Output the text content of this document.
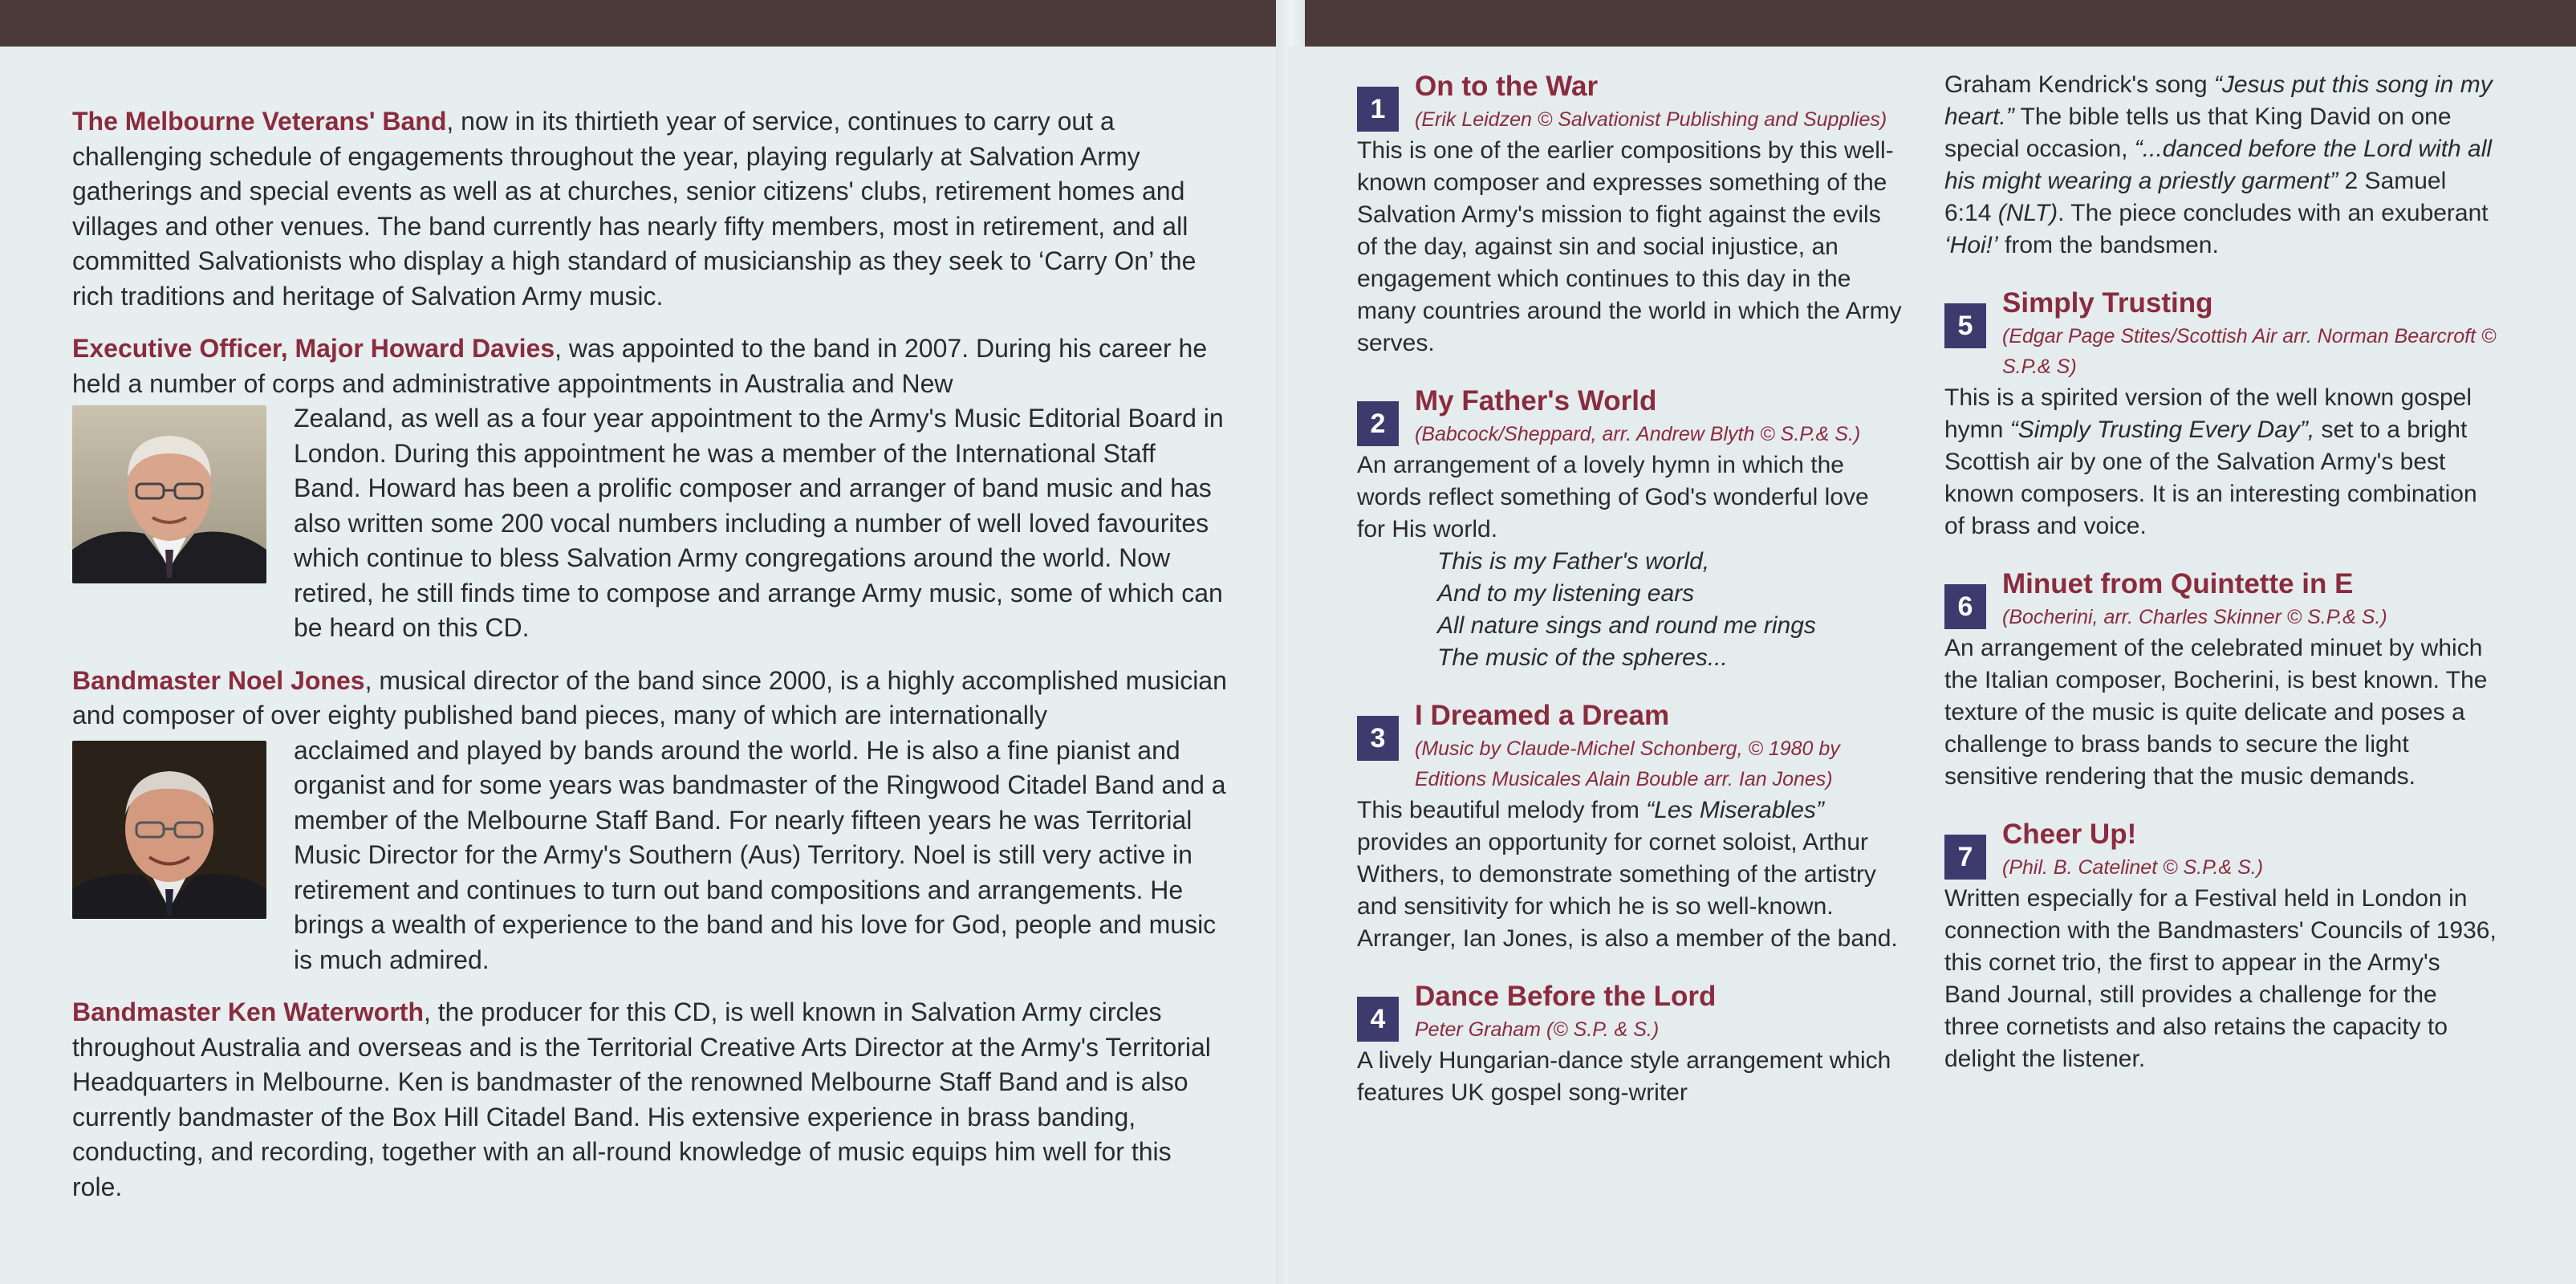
The Melbourne Veterans' Band, now in its thirtieth year of service, continues to carry out a challenging schedule of engagements throughout the year, playing regularly at Salvation Army gatherings and special events as well as at churches, senior citizens' clubs, retirement homes and villages and other venues. The band currently has nearly fifty members, most in retirement, and all committed Salvationists who display a high standard of musicianship as they seek to ‘Carry On’ the rich traditions and heritage of Salvation Army music.

Executive Officer, Major Howard Davies, was appointed to the band in 2007. During his career he held a number of corps and administrative appointments in Australia and New

Zealand, as well as a four year appointment to the Army's Music Editorial Board in London. During this appointment he was a member of the International Staff Band. Howard has been a prolific composer and arranger of band music and has also written some 200 vocal numbers including a number of well loved favourites which continue to bless Salvation Army congregations around the world. Now retired, he still finds time to compose and arrange Army music, some of which can be heard on this CD.

Bandmaster Noel Jones, musical director of the band since 2000, is a highly accomplished musician and composer of over eighty published band pieces, many of which are internationally

acclaimed and played by bands around the world. He is also a fine pianist and organist and for some years was bandmaster of the Ringwood Citadel Band and a member of the Melbourne Staff Band. For nearly fifteen years he was Territorial Music Director for the Army's Southern (Aus) Territory. Noel is still very active in retirement and continues to turn out band compositions and arrangements. He brings a wealth of experience to the band and his love for God, people and music is much admired.

Bandmaster Ken Waterworth, the producer for this CD, is well known in Salvation Army circles throughout Australia and overseas and is the Territorial Creative Arts Director at the Army's Territorial Headquarters in Melbourne. Ken is bandmaster of the renowned Melbourne Staff Band and is also currently bandmaster of the Box Hill Citadel Band. His extensive experience in brass banding, conducting, and recording, together with an all-round knowledge of music equips him well for this role.

1
On to the War
(Erik Leidzen © Salvationist Publishing and Supplies)
This is one of the earlier compositions by this well-known composer and expresses something of the Salvation Army's mission to fight against the evils of the day, against sin and social injustice, an engagement which continues to this day in the many countries around the world in which the Army serves.
2
My Father's World
(Babcock/Sheppard, arr. Andrew Blyth © S.P.& S.)
An arrangement of a lovely hymn in which the words reflect something of God's wonderful love for His world.
This is my Father's world,
And to my listening ears
All nature sings and round me rings
The music of the spheres...
3
I Dreamed a Dream
(Music by Claude-Michel Schonberg, © 1980 by Editions Musicales Alain Bouble arr. Ian Jones)
This beautiful melody from “Les Miserables” provides an opportunity for cornet soloist, Arthur Withers, to demonstrate something of the artistry and sensitivity for which he is so well-known. Arranger, Ian Jones, is also a member of the band.
4
Dance Before the Lord
Peter Graham (© S.P. & S.)
A lively Hungarian-dance style arrangement which features UK gospel song-writer
Graham Kendrick's song “Jesus put this song in my heart.” The bible tells us that King David on one special occasion, “...danced before the Lord with all his might wearing a priestly garment” 2 Samuel 6:14 (NLT). The piece concludes with an exuberant ‘Hoi!’ from the bandsmen.
5
Simply Trusting
(Edgar Page Stites/Scottish Air arr. Norman Bearcroft © S.P.& S)
This is a spirited version of the well known gospel hymn “Simply Trusting Every Day”, set to a bright Scottish air by one of the Salvation Army's best known composers. It is an interesting combination of brass and voice.
6
Minuet from Quintette in E
(Bocherini, arr. Charles Skinner © S.P.& S.)
An arrangement of the celebrated minuet by which the Italian composer, Bocherini, is best known. The texture of the music is quite delicate and poses a challenge to brass bands to secure the light sensitive rendering that the music demands.
7
Cheer Up!
(Phil. B. Catelinet © S.P.& S.)
Written especially for a Festival held in London in connection with the Bandmasters' Councils of 1936, this cornet trio, the first to appear in the Army's Band Journal, still provides a challenge for the three cornetists and also retains the capacity to delight the listener.
